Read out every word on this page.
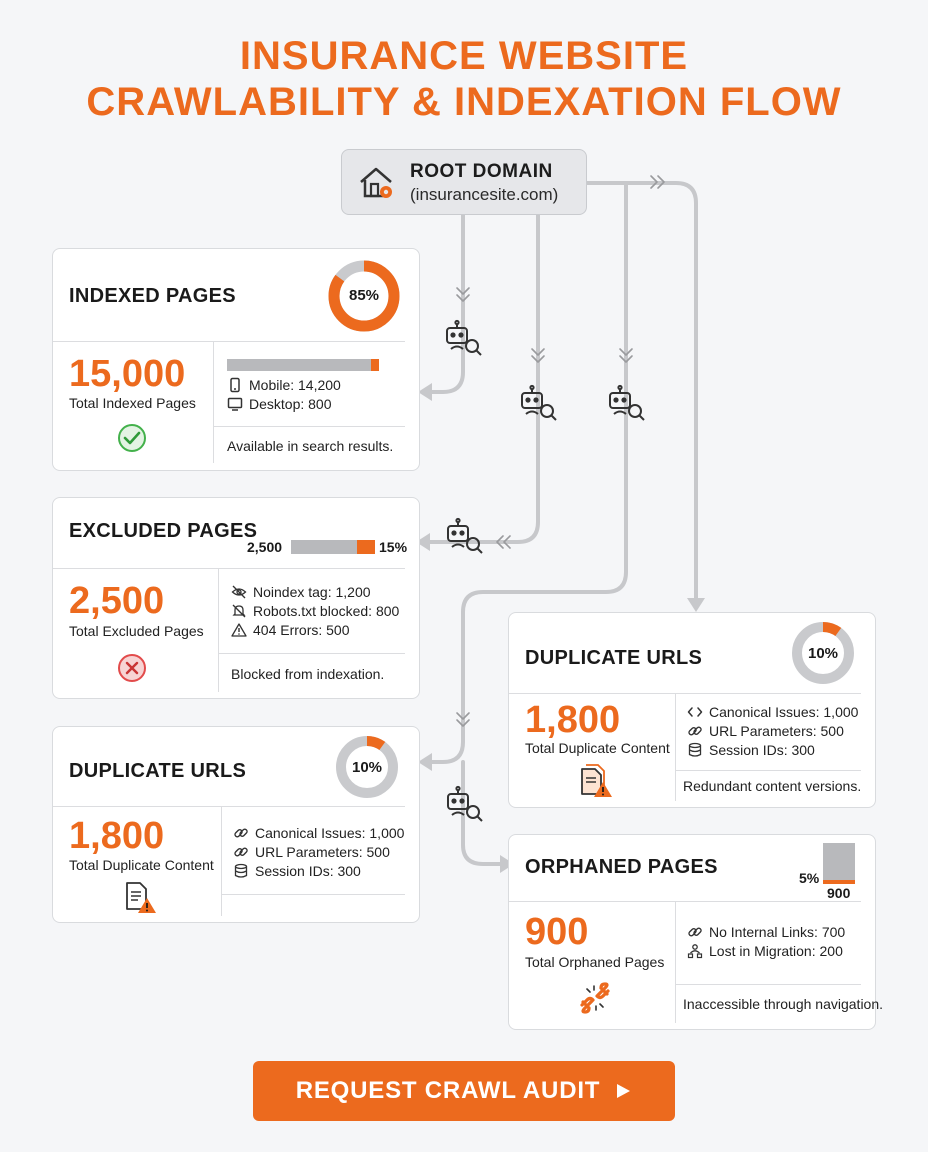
INSURANCE WEBSITE
CRAWLABILITY & INDEXATION FLOW
ROOT DOMAIN
(insurancesite.com)
INDEXED PAGES	85%
15,000
Total Indexed Pages
Mobile: 14,200
Desktop: 800
Available in search results.
EXCLUDED PAGES
2,500	15%
2,500
Total Excluded Pages
Noindex tag: 1,200
Robots.txt blocked: 800
404 Errors: 500
Blocked from indexation.
DUPLICATE URLS	10%
1,800
Total Duplicate Content
Canonical Issues: 1,000
URL Parameters: 500
Session IDs: 300
DUPLICATE URLS	10%
1,800
Total Duplicate Content
Canonical Issues: 1,000
URL Parameters: 500
Session IDs: 300
Redundant content versions.
ORPHANED PAGES	5%
900
900
Total Orphaned Pages
No Internal Links: 700
Lost in Migration: 200
Inaccessible through navigation.
REQUEST CRAWL AUDIT
